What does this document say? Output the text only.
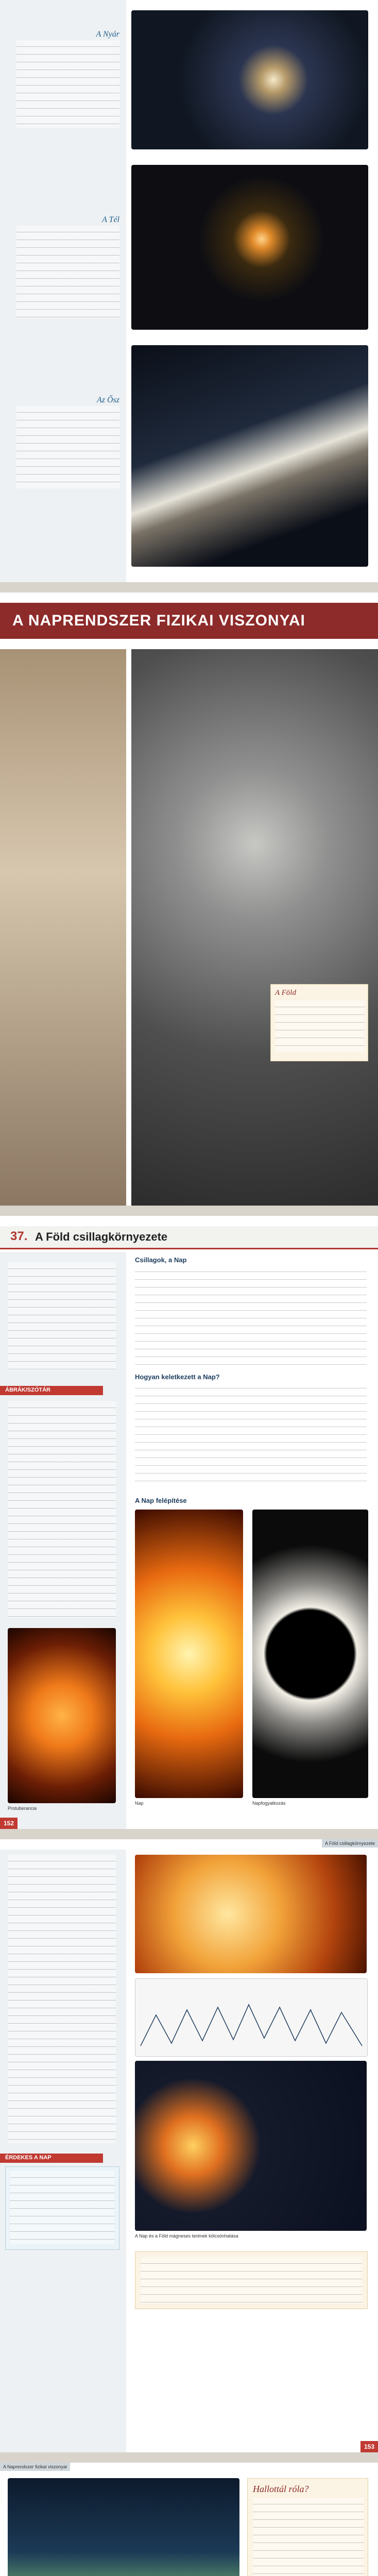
A Nyár
A Tél
Az Ősz
A NAPRENDSZER FIZIKAI VISZONYAI
A Föld
37. A Föld csillagkörnyezete
ÁBRÁK/SZÓTÁR
Csillagok, a Nap
Hogyan keletkezett a Nap?
A Nap felépítése
Protuberancia
Nap	Napfogyatkozás
152
A Föld csillagkörnyezete
ÉRDEKES A NAP
A Nap és a Föld mágneses terének kölcsönhatása
153
A Naprendszer fizikai viszonyai
Hallottál róla?
